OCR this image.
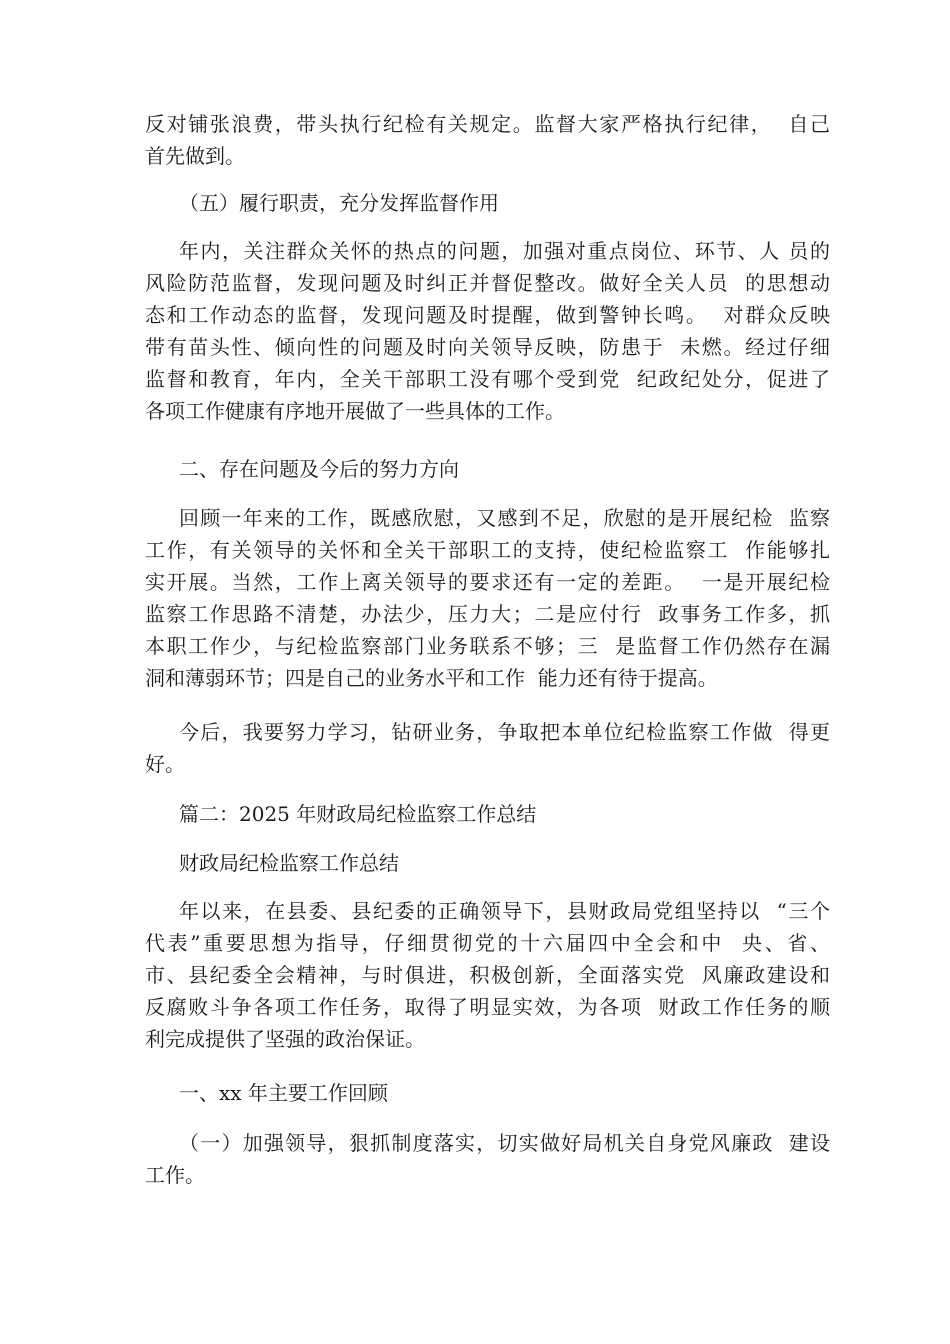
反对铺张浪费，带头执行纪检有关规定。监督大家严格执行纪律，  自己
首先做到。
（五）履行职责，充分发挥监督作用
年内，关注群众关怀的热点的问题，加强对重点岗位、环节、人 员的
风险防范监督，发现问题及时纠正并督促整改。做好全关人员  的思想动
态和工作动态的监督，发现问题及时提醒，做到警钟长鸣。  对群众反映
带有苗头性、倾向性的问题及时向关领导反映，防患于  未燃。经过仔细
监督和教育，年内，全关干部职工没有哪个受到党  纪政纪处分，促进了
各项工作健康有序地开展做了一些具体的工作。
二、存在问题及今后的努力方向
回顾一年来的工作，既感欣慰，又感到不足，欣慰的是开展纪检  监察
工作，有关领导的关怀和全关干部职工的支持，使纪检监察工  作能够扎
实开展。当然，工作上离关领导的要求还有一定的差距。  一是开展纪检
监察工作思路不清楚，办法少，压力大；二是应付行  政事务工作多，抓
本职工作少，与纪检监察部门业务联系不够；三  是监督工作仍然存在漏
洞和薄弱环节；四是自己的业务水平和工作  能力还有待于提高。
今后，我要努力学习，钻研业务，争取把本单位纪检监察工作做  得更
好。
篇二：2025 年财政局纪检监察工作总结
财政局纪检监察工作总结
年以来，在县委、县纪委的正确领导下，县财政局党组坚持以  “三个
代表”重要思想为指导，仔细贯彻党的十六届四中全会和中  央、省、
市、县纪委全会精神，与时俱进，积极创新，全面落实党  风廉政建设和
反腐败斗争各项工作任务，取得了明显实效，为各项  财政工作任务的顺
利完成提供了坚强的政治保证。
一、xx 年主要工作回顾
（一）加强领导，狠抓制度落实，切实做好局机关自身党风廉政  建设
工作。
